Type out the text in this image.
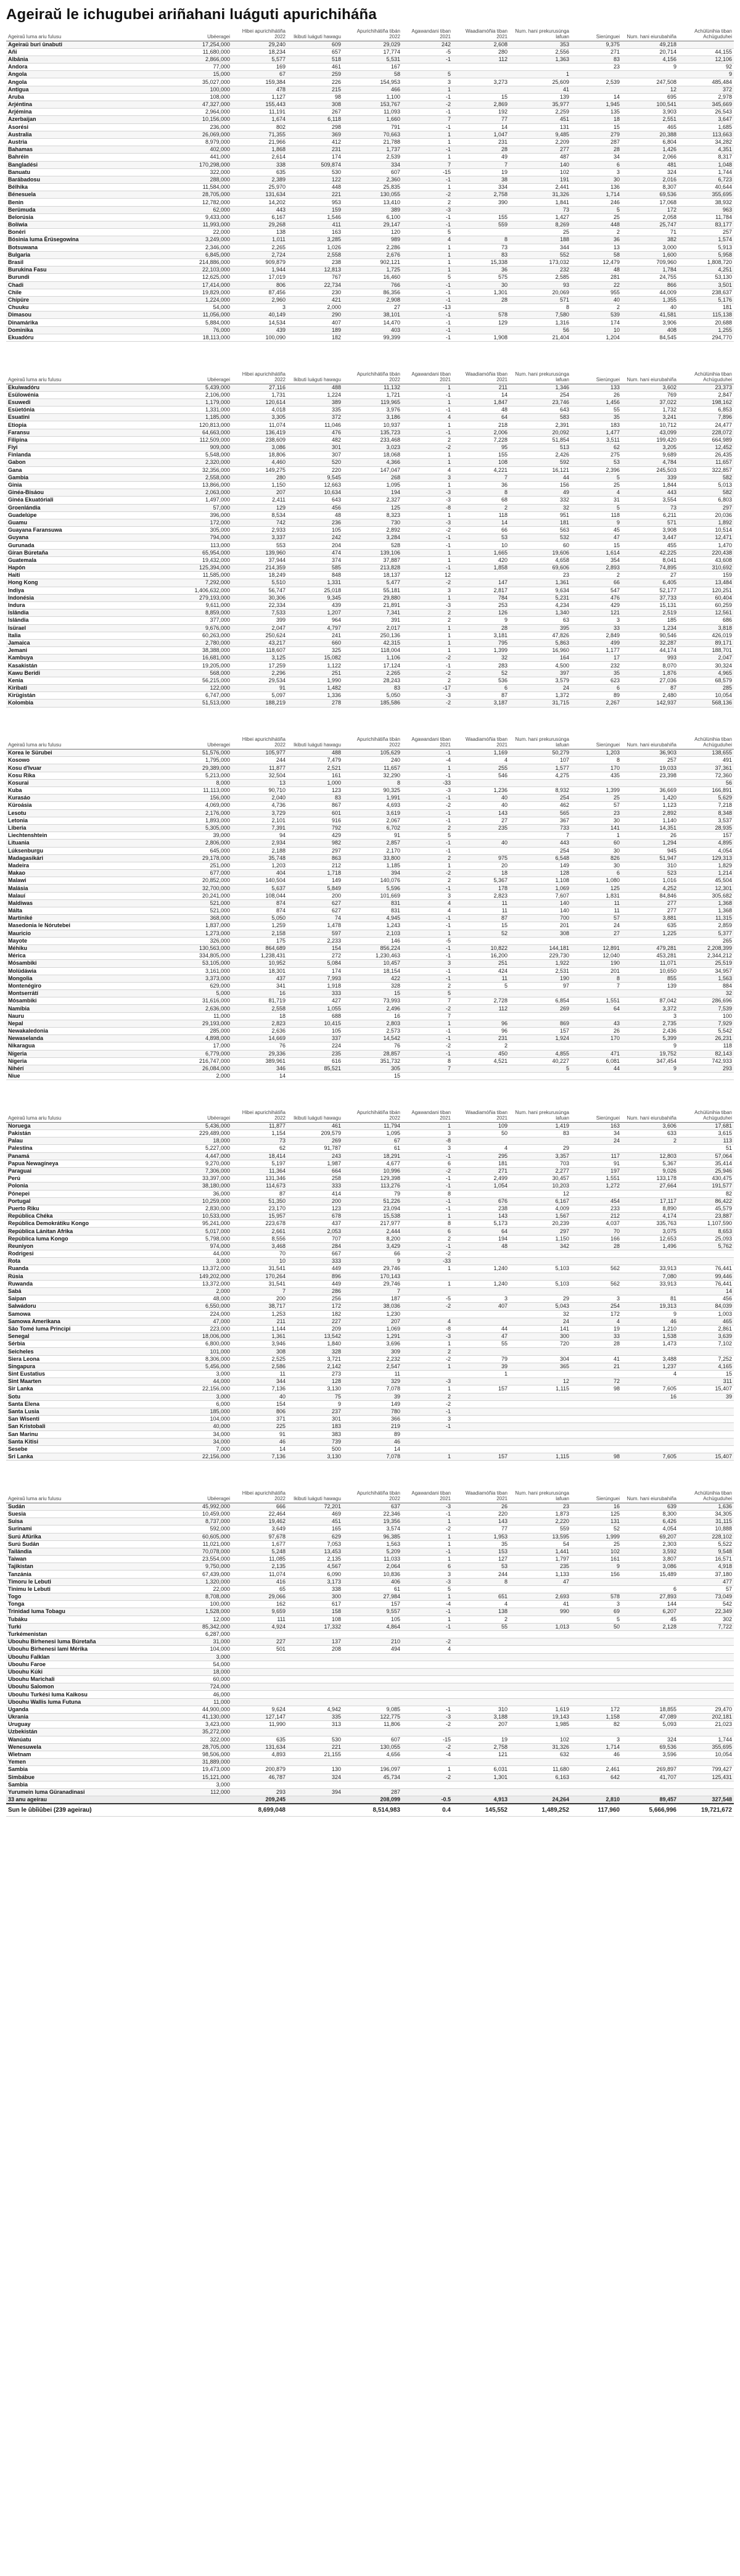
Ageiraŭ le ichugubei ariñahani luáguti apurichiháña
Ageiraŭ luma ariu fulusu	Ubéeragei	Hibei apurichihátiña 2022	Ikibuti luáguti hawagu	Apurichihátiña tibán 2022	Agawandani tiban 2021	Waadiamóñia tiban 2021	Num. hani prekurusúnga lafuan	Sierúnguei	Num. hani eiurubahiña	Achülünihia tiban Achüguduhei
Ageiraü buri ûnabuti	17,254,000	29,240	609	29,029	242	2,608	353	9,375	49,218	
Añi	11,680,000	18,234	657	17,774	-5	280	2,556	271	20,714	44,155
Albânia	2,866,000	5,577	518	5,531	-1	112	1,363	83	4,156	12,106
Andora	77,000	169	461	167				23	9	92
Angola	15,000	67	259	58	5		1			9
Angola	35,027,000	159,384	226	154,953	3	3,273	25,609	2,539	247,508	485,484
Antigua	100,000	478	215	466	1		41		12	372
Aruba	108,000	1,127	98	1,100	-1	15	139	14	695	2,978
Arjéntina	47,327,000	155,443	308	153,767	-2	2,869	35,977	1,945	100,541	345,669
Arjémina	2,964,000	11,191	267	11,093	-1	192	2,259	135	3,903	26,543
Azerbaijan	10,156,000	1,674	6,118	1,660	7	77	451	18	2,551	3,647
Asorési	236,000	802	298	791	-1	14	131	15	465	1,685
Australia	26,069,000	71,355	369	70,663	1	1,047	9,485	279	20,388	113,663
Austria	8,979,000	21,966	412	21,788	1	231	2,209	287	6,804	34,282
Bahamas	402,000	1,868	231	1,737	-1	28	277	28	1,426	4,351
Bahréin	441,000	2,614	174	2,539	1	49	487	34	2,066	8,317
Bangladési	170,298,000	338	509,874	334	7	7	140	6	481	1,048
Banuatu	322,000	635	530	607	-15	19	102	3	324	1,744
Barábadosu	288,000	2,389	122	2,360	-1	38	191	30	2,016	6,723
Bélhika	11,584,000	25,970	448	25,835	1	334	2,441	136	8,307	40,644
Bénesuela	28,705,000	131,634	221	130,055	-2	2,758	31,326	1,714	69,536	355,695
Benin	12,782,000	14,202	953	13,410	2	390	1,841	246	17,068	38,932
Berümuda	62,000	443	159	389	-3		73	5	172	963
Belorúsia	9,433,000	6,167	1,546	6,100	-1	155	1,427	25	2,058	11,784
Bolíwia	11,993,000	29,268	411	29,147	-1	559	8,269	448	25,747	83,177
Bonéri	22,000	138	163	120	5		25	2	71	257
Bósinia luma Érüsegowina	3,249,000	1,011	3,285	989	4	8	188	36	382	1,574
Botsuwana	2,346,000	2,265	1,026	2,286	1	73	344	13	3,000	5,913
Bulgaria	6,845,000	2,724	2,558	2,676	1	83	552	58	1,600	5,958
Brasil	214,886,000	909,879	238	902,121	1	15,338	173,032	12,479	709,960	1,808,720
Burukina Fasu	22,103,000	1,944	12,813	1,725	1	36	232	48	1,784	4,251
Burundi	12,625,000	17,019	767	16,460	5	575	2,585	281	24,755	53,130
Chadi	17,414,000	806	22,734	766	-1	30	93	22	866	3,501
Chile	19,829,000	87,456	230	86,356	-1	1,301	20,069	955	44,009	238,637
Chípüre	1,224,000	2,960	421	2,908	-1	28	571	40	1,355	5,176
Chuuku	54,000	3	2,000	27	-13		8	2	40	181
Dimasou	11,056,000	40,149	290	38,101	-1	578	7,580	539	41,581	115,138
Dinamárika	5,884,000	14,534	407	14,470	-1	129	1,316	174	3,906	20,688
Dominika	76,000	439	189	403	-1		56	10	408	1,255
Ekuadóru	18,113,000	100,090	182	99,399	-1	1,908	21,404	1,204	84,545	294,770
Ageiraŭ luma ariu fulusu	Ubéeragei	Hibei apurichihátiña 2022	Ikibuti luáguti hawagu	Apurichihátiña tibán 2022	Agawandani tiban 2021	Waadiamóñia tiban 2021	Num. hani prekurusúnga lafuan	Sierúnguei	Num. hani eiurubahiña	Achülünihia tiban Achüguduhei
Ekuiwadóru	5,439,000	27,116	488	11,132	1	211	1,346	133	3,602	23,373
Esülowénia	2,106,000	1,731	1,224	1,721	-1	14	254	26	769	2,847
Esuwedi	1,179,000	120,614	389	119,965	1	1,847	23,746	1,456	37,022	198,162
Esüetónia	1,331,000	4,018	335	3,976	-1	48	643	55	1,732	6,853
Esuatini	1,185,000	3,305	372	3,186	4	64	583	35	3,241	7,896
Etiopia	120,813,000	11,074	11,046	10,937	1	218	2,391	183	10,712	24,477
Faransu	64,663,000	136,419	476	135,723	-1	2,006	20,092	1,477	43,099	228,072
Filipina	112,509,000	238,609	482	233,468	2	7,228	51,854	3,511	199,420	664,989
Fiyi	909,000	3,086	301	3,023	-2	95	513	62	3,205	12,452
Finlanda	5,548,000	18,806	307	18,068	1	155	2,426	275	9,689	26,435
Gabon	2,320,000	4,460	520	4,366	1	108	592	53	4,784	11,657
Gana	32,356,000	149,275	220	147,047	4	4,221	16,121	2,396	245,503	322,857
Gambia	2,558,000	280	9,545	268	3	7	44	5	339	582
Ginia	13,866,000	1,150	12,663	1,095	1	36	156	25	1,844	5,013
Ginéa-Bisáou	2,063,000	207	10,634	194	-3	8	49	4	443	582
Ginéa Ekuatóriali	1,497,000	2,411	643	2,327	-3	68	332	31	3,554	6,803
Groenlándia	57,000	129	456	125	-8	2	32	5	73	297
Guadelúpe	396,000	8,534	48	8,323	1	118	951	118	6,211	20,036
Guamu	172,000	742	236	730	-3	14	181	9	571	1,892
Guayana Faransuwa	305,000	2,933	105	2,892	-2	66	563	45	3,908	10,514
Guyana	794,000	3,337	242	3,284	-1	53	532	47	3,447	12,471
Gurunada	113,000	553	204	528	-1	10	60	15	455	1,470
Gíran Búretaña	65,954,000	139,960	474	139,106	1	1,665	19,606	1,614	42,225	220,438
Guatemala	19,432,000	37,944	374	37,887	1	420	4,658	354	8,041	43,608
Hapón	125,394,000	214,359	585	213,828	-1	1,858	69,606	2,893	74,895	310,692
Haiti	11,585,000	18,249	848	18,137	12		23	2	27	159
Hong Kong	7,292,000	5,510	1,331	5,477	-2	147	1,361	66	6,405	13,484
Indiya	1,406,632,000	56,747	25,018	55,181	3	2,817	9,634	547	52,177	120,251
Indonésia	279,193,000	30,306	9,345	29,880	1	784	5,231	476	37,733	60,404
Indura	9,611,000	22,334	439	21,891	-3	253	4,234	429	15,131	60,259
Islândia	8,859,000	7,533	1,207	7,341	2	126	1,340	121	2,519	12,561
Islándia	377,000	399	964	391	2	9	63	3	185	686
Isürael	9,676,000	2,047	4,797	2,017	1	28	395	33	1,234	3,818
Italia	60,263,000	250,624	241	250,136	1	3,181	47,826	2,849	90,546	426,019
Jamaica	2,780,000	43,217	660	42,315	1	795	5,863	499	32,287	89,171
Jemani	38,388,000	118,607	325	118,004	1	1,399	16,960	1,177	44,174	188,701
Kambuya	16,681,000	3,125	15,082	1,106	-2	32	164	17	993	2,047
Kasakistán	19,205,000	17,259	1,122	17,124	-1	283	4,500	232	8,070	30,324
Kawu Beridi	568,000	2,296	251	2,265	-2	52	397	35	1,876	4,965
Kenia	56,215,000	29,534	1,990	28,243	2	536	3,579	623	27,036	68,579
Kiribati	122,000	91	1,482	83	-17	6	24	6	87	285
Kirügistán	6,747,000	5,097	1,336	5,050	-3	87	1,372	89	2,480	10,054
Kolombia	51,513,000	188,219	278	185,586	-2	3,187	31,715	2,267	142,937	568,136
Ageiraŭ luma ariu fulusu	Ubéeragei	Hibei apurichihátiña 2022	Ikibuti luáguti hawagu	Apurichihátiña tibán 2022	Agawandani tiban 2021	Waadiamóñia tiban 2021	Num. hani prekurusúnga lafuan	Sierúnguei	Num. hani eiurubahiña	Achülünihia tiban Achüguduhei
Korea le Sürubei	51,576,000	105,977	488	105,629	-1	1,169	50,279	1,203	36,903	138,655
Kosowo	1,795,000	244	7,479	240	-4	4	107	8	257	491
Kosu d'Ivuar	29,389,000	11,877	2,521	11,657	1	255	1,577	170	19,033	37,361
Kosu Rika	5,213,000	32,504	161	32,290	-1	546	4,275	435	23,398	72,360
Kosurai	8,000	13	1,000	8	-33					56
Kuba	11,113,000	90,710	123	90,325	-3	1,236	8,932	1,399	36,669	166,891
Kurasáo	156,000	2,040	83	1,991	-1	40	254	25	1,420	5,629
Küroásia	4,069,000	4,736	867	4,693	-2	40	462	57	1,123	7,218
Lesotu	2,176,000	3,729	601	3,619	-1	143	565	23	2,892	8,348
Letonia	1,893,000	2,101	916	2,067	-1	27	367	30	1,140	3,537
Liberia	5,305,000	7,391	792	6,702	2	235	733	141	14,351	28,935
Liechtenshtein	39,000	94	429	91	5		7	1	26	157
Lituania	2,806,000	2,934	982	2,857	-1	40	443	60	1,294	4,895
Lúksenburgu	645,000	2,188	297	2,170	-1		254	30	945	4,054
Madagasikári	29,178,000	35,748	863	33,800	2	975	6,548	826	51,947	129,313
Madeira	251,000	1,203	212	1,185	1	20	149	30	310	1,829
Makao	677,000	404	1,718	394	-2	18	128	6	523	1,214
Malawi	20,852,000	140,504	149	140,076	2	5,367	1,108	1,080	1,016	45,504
Malásia	32,700,000	5,637	5,849	5,596	-1	178	1,069	125	4,252	12,301
Malauí	20,241,000	108,044	200	101,669	3	2,823	7,607	1,831	84,846	305,682
Maldiwas	521,000	874	627	831	4	11	140	11	277	1,368
Málta	521,000	874	627	831	4	11	140	11	277	1,368
Martíniké	368,000	5,050	74	4,945	-1	87	700	57	3,881	11,315
Masedonia le Nórutebei	1,837,000	1,259	1,478	1,243	-1	15	201	24	635	2,859
Mauricio	1,273,000	2,158	597	2,103	1	52	308	27	1,225	5,377
Mayote	326,000	175	2,233	146	-5					265
Méhiku	130,563,000	864,689	154	856,224	-1	10,822	144,181	12,891	479,281	2,208,399
Mérica	334,805,000	1,238,431	272	1,230,463	-1	16,200	229,730	12,040	453,281	2,344,212
Mósambiki	53,105,000	10,952	5,084	10,457	3	251	1,922	190	11,071	25,519
Molüdáwia	3,161,000	18,301	174	18,154	-1	424	2,531	201	10,650	34,957
Mongolia	3,373,000	437	7,993	422	-1	11	190	8	855	1,563
Montenégiro	629,000	341	1,918	328	2	5	97	7	139	884
Montserrátí	5,000	16	333	15	5					32
Mósambiki	31,616,000	81,719	427	73,993	7	2,728	6,854	1,551	87,042	286,696
Namíbia	2,636,000	2,558	1,055	2,496	-2	112	269	64	3,372	7,539
Nauru	11,000	18	688	16	7				3	100
Nepal	29,193,000	2,823	10,415	2,803	1	96	869	43	2,735	7,929
Newakaledonia	285,000	2,636	105	2,573	-1	96	157	26	2,436	5,542
Newaselanda	4,898,000	14,669	337	14,542	-1	231	1,924	170	5,399	26,231
Nikaragua	17,000	76	224	76	-2	2			9	118
Nígeria	6,779,000	29,336	235	28,857	-1	450	4,855	471	19,752	82,143
Nígeria	216,747,000	389,961	616	351,732	8	4,521	40,227	6,081	347,454	742,933
Nihérí	26,084,000	346	85,521	305	7		5	44	9	293
Niue	2,000	14		15						
Ageiraŭ luma ariu fulusu	Ubéeragei	Hibei apurichihátiña 2022	Ikibuti luáguti hawagu	Apurichihátiña tibán 2022	Agawandani tiban 2021	Waadiamóñia tiban 2021	Num. hani prekurusúnga lafuan	Sierúnguei	Num. hani eiurubahiña	Achülünihia tiban Achüguduhei
Noruega	5,436,000	11,877	461	11,794	1	109	1,419	163	3,606	17,681
Pakistán	229,489,000	1,154	209,579	1,095	3	50	83	34	633	3,615
Palau	18,000	73	269	67	-8			24	2	113
Palestina	5,227,000	62	91,787	61	3	4	29			51
Panamá	4,447,000	18,414	243	18,291	-1	295	3,357	117	12,803	57,064
Papua Newagíneya	9,270,000	5,197	1,987	4,677	6	181	703	91	5,367	35,414
Paraguai	7,306,000	11,364	664	10,996	-2	271	2,277	197	9,026	25,946
Perú	33,397,000	131,346	258	129,398	-1	2,499	30,457	1,551	133,178	430,475
Polonia	38,180,000	114,673	333	113,276	-1	1,054	10,203	1,272	27,664	191,577
Pónepei	36,000	87	414	79	8		12			82
Portugal	10,259,000	51,350	200	51,226	-1	676	6,167	454	17,117	86,422
Puerto Riku	2,830,000	23,170	123	23,094	-1	238	4,009	233	8,890	45,579
República Chéka	10,533,000	15,957	678	15,538	1	143	1,567	212	4,174	23,887
República Demokrátiku Kongo	95,241,000	223,678	437	217,977	8	5,173	20,239	4,037	335,763	1,107,590
República Lánitan Afrika	5,017,000	2,661	2,053	2,444	6	64	297	70	3,075	8,653
República luma Kongo	5,798,000	8,556	707	8,200	2	194	1,150	166	12,653	25,093
Reuniyon	974,000	3,468	284	3,429	-1	48	342	28	1,496	5,762
Rodrigesi	44,000	70	667	66	-2					
Rota	3,000	10	333	9	-33					
Ruanda	13,372,000	31,541	449	29,746	1	1,240	5,103	562	33,913	76,441
Rúsia	149,202,000	170,264	896	170,143					7,080	99,446
Ruwanda	13,372,000	31,541	449	29,746	1	1,240	5,103	562	33,913	76,441
Sabá	2,000	7	286	7						14
Saipan	48,000	200	256	187	-5	3	29	3	81	456
Salwádoru	6,550,000	38,717	172	38,036	-2	407	5,043	254	19,313	84,039
Samowa	224,000	1,253	182	1,230			32	172	9	1,003
Samowa Amerikana	47,000	211	227	207	4		24	4	46	465
Sâo Tomé luma Principi	223,000	1,144	209	1,069	-8	44	141	19	1,210	2,861
Senegal	18,006,000	1,361	13,542	1,291	-3	47	300	33	1,538	3,639
Sérbia	6,800,000	3,946	1,840	3,696	1	55	720	28	1,473	7,102
Seicheles	101,000	308	328	309	2					
Siera Leona	8,306,000	2,525	3,721	2,232	-2	79	304	41	3,488	7,252
Singapura	5,456,000	2,586	2,142	2,547	1	39	365	21	1,237	4,165
Sint Eustatius	3,000	11	273	11		1			4	15
Sint Maarten	44,000	344	128	329	-3		12	72		311
Sir Lanka	22,156,000	7,136	3,130	7,078	1	157	1,115	98	7,605	15,407
Sotu	3,000	40	75	39	2				16	39
Santa Elena	6,000	154	9	149	-2					
Santa Lusia	185,000	806	237	780	-1					
San Wisenti	104,000	371	301	366	3					
San Kristobali	40,000	225	183	219	-1					
San Marinu	34,000	91	383	89						
Santa Kitisi	34,000	46	739	46						
Sesebe	7,000	14	500	14						
Sri Lanka	22,156,000	7,136	3,130	7,078	1	157	1,115	98	7,605	15,407
Ageiraŭ luma ariu fulusu	Ubéeragei	Hibei apurichihátiña 2022	Ikibuti luáguti hawagu	Apurichihátiña tibán 2022	Agawandani tiban 2021	Waadiamóñia tiban 2021	Num. hani prekurusúnga lafuan	Sierúnguei	Num. hani eiurubahiña	Achülünihia tiban Achüguduhei
Sudán	45,992,000	666	72,201	637	-3	26	23	16	639	1,636
Suesia	10,459,000	22,464	469	22,346	-1	220	1,873	125	8,300	34,305
Suisa	8,737,000	19,462	451	19,356	1	143	2,220	131	6,426	31,115
Surinami	592,000	3,649	165	3,574	-2	77	559	52	4,054	10,888
Surú Afürika	60,605,000	97,678	629	96,385	1	1,953	13,595	1,999	69,207	228,102
Surú Sudán	11,021,000	1,677	7,053	1,563	1	35	54	25	2,303	5,522
Tailándia	70,078,000	5,248	13,453	5,209	-1	153	1,441	102	3,592	9,548
Taiwan	23,554,000	11,085	2,135	11,033	1	127	1,797	161	3,807	16,571
Tajikistan	9,750,000	2,135	4,567	2,064	6	53	235	9	3,086	4,918
Tanzánia	67,439,000	11,074	6,090	10,836	3	244	1,133	156	15,489	37,180
Timoru le Lebuti	1,320,000	416	3,173	406	-3	8	47			477
Tinimu le Lebuti	22,000	65	338	61	5				6	57
Togo	8,708,000	29,066	300	27,984	1	651	2,693	578	27,893	73,049
Tonga	100,000	162	617	157	-4	4	41	3	144	542
Trinidad luma Tobagu	1,528,000	9,659	158	9,557	-1	138	990	69	6,207	22,349
Tubáku	12,000	111	108	105	1	2		5	45	302
Turki	85,342,000	4,924	17,332	4,864	-1	55	1,013	50	2,128	7,722
Turkémenistan	6,287,000									
Ubouhu Birhenesi Iuma Búretaña	31,000	227	137	210	-2					
Ubouhu Birhenesi lami Mérika	104,000	501	208	494	4					
Ubouhu Falklan	3,000									
Ubouhu Faroe	54,000									
Ubouhu Kúki	18,000									
Ubouhu Marichali	60,000									
Ubouhu Salomon	724,000									
Ubouhu Turkési luma Kaikosu	46,000									
Ubouhu Wallis luma Futuna	11,000									
Uganda	44,900,000	9,624	4,942	9,085	-1	310	1,619	172	18,855	29,470
Ukrania	41,130,000	127,147	335	122,775	-3	3,188	19,143	1,158	47,089	202,181
Uruguay	3,423,000	11,990	313	11,806	-2	207	1,985	82	5,093	21,023
Uzbekistán	35,272,000									
Wanúatu	322,000	635	530	607	-15	19	102	3	324	1,744
Wenesuwela	28,705,000	131,634	221	130,055	-2	2,758	31,326	1,714	69,536	355,695
Wietnam	98,506,000	4,893	21,155	4,656	-4	121	632	46	3,596	10,054
Yemen	31,889,000									
Sambia	19,473,000	200,879	130	196,097	1	6,031	11,680	2,461	269,897	799,427
Simbábue	15,121,000	46,787	324	45,734	-2	1,301	6,163	642	41,707	125,431
Sambia	3,000									
Yurumein luma Güranadinasi	112,000	293	394	287						
33 anu ageirau		209,245		208,099	-0.5	4,913	24,264	2,810	89,457	327,548
Sun le ûbîiûbei (239 ageirau)		8,699,048		8,514,983	0.4	145,552	1,489,252	117,960	5,666,996	19,721,672
